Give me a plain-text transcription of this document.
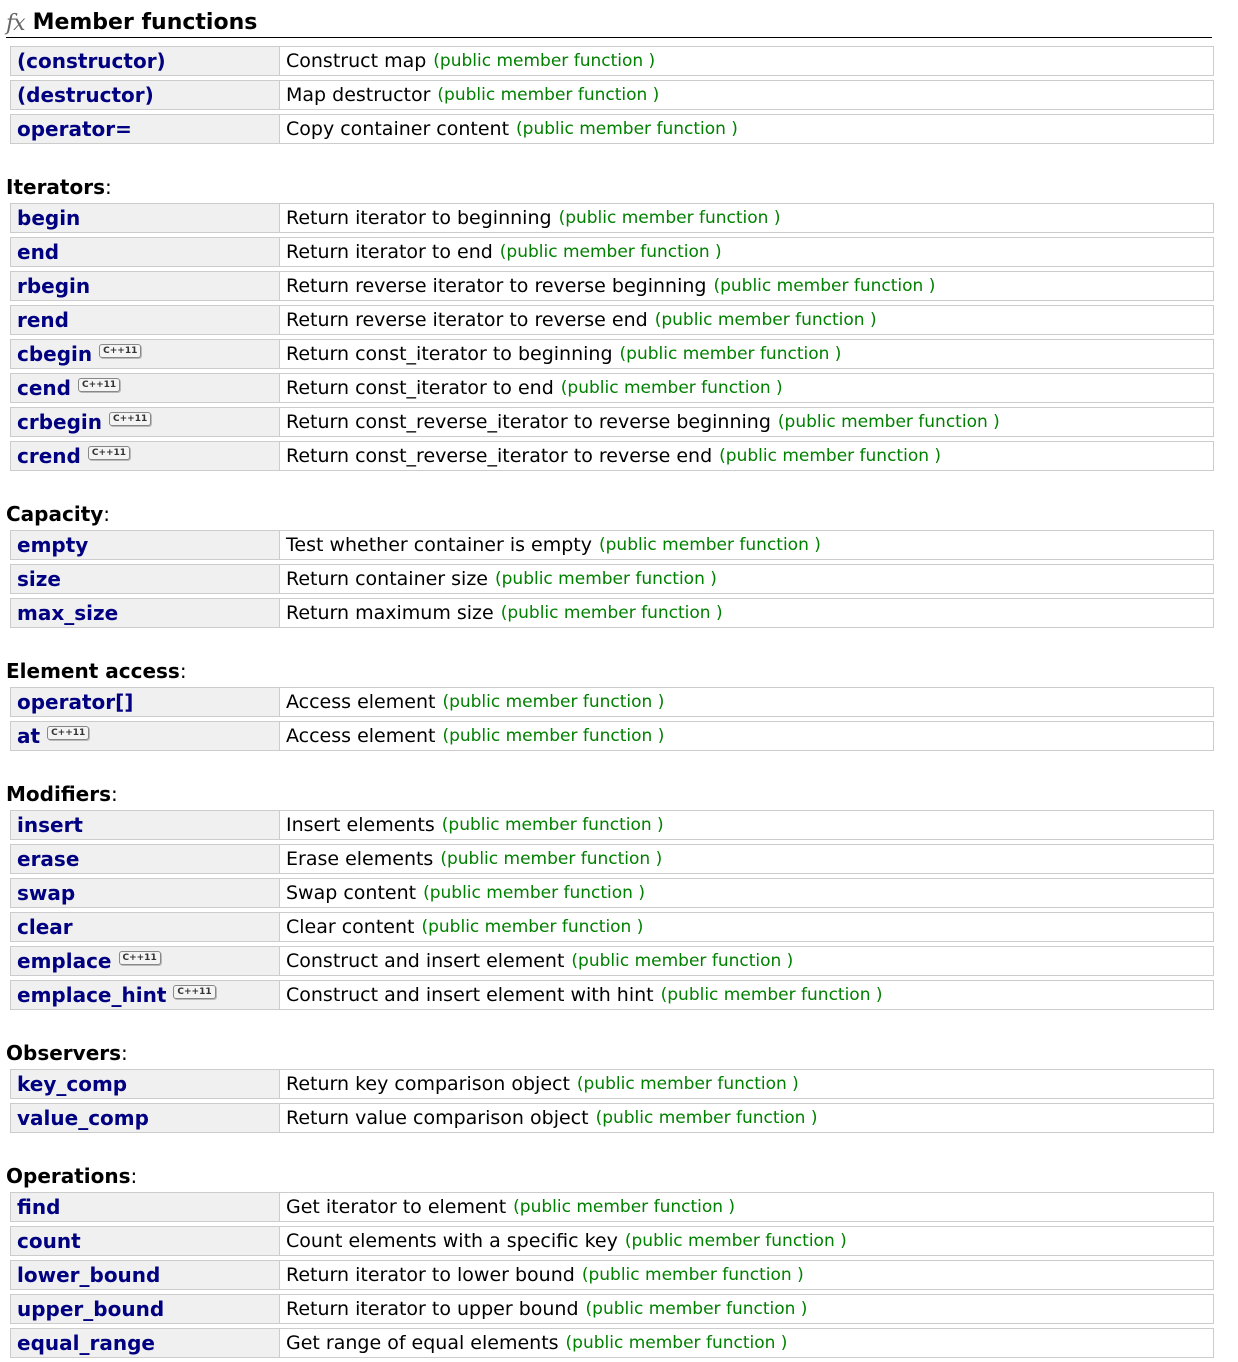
fx Member functions
(constructor)	Construct map (public member function )
(destructor)	Map destructor (public member function )
operator=	Copy container content (public member function )
Iterators:
begin	Return iterator to beginning (public member function )
end	Return iterator to end (public member function )
rbegin	Return reverse iterator to reverse beginning (public member function )
rend	Return reverse iterator to reverse end (public member function )
cbegin	C++11	Return const_iterator to beginning (public member function )
cend	C++11	Return const_iterator to end (public member function )
crbegin	C++11	Return const_reverse_iterator to reverse beginning (public member function )
crend	C++11	Return const_reverse_iterator to reverse end (public member function )
Capacity:
empty	Test whether container is empty (public member function )
size	Return container size (public member function )
max_size	Return maximum size (public member function )
Element access:
operator[]	Access element (public member function )
at	C++11	Access element (public member function )
Modifiers:
insert	Insert elements (public member function )
erase	Erase elements (public member function )
swap	Swap content (public member function )
clear	Clear content (public member function )
emplace	C++11	Construct and insert element (public member function )
emplace_hint	C++11	Construct and insert element with hint (public member function )
Observers:
key_comp	Return key comparison object (public member function )
value_comp	Return value comparison object (public member function )
Operations:
find	Get iterator to element (public member function )
count	Count elements with a specific key (public member function )
lower_bound	Return iterator to lower bound (public member function )
upper_bound	Return iterator to upper bound (public member function )
equal_range	Get range of equal elements (public member function )
